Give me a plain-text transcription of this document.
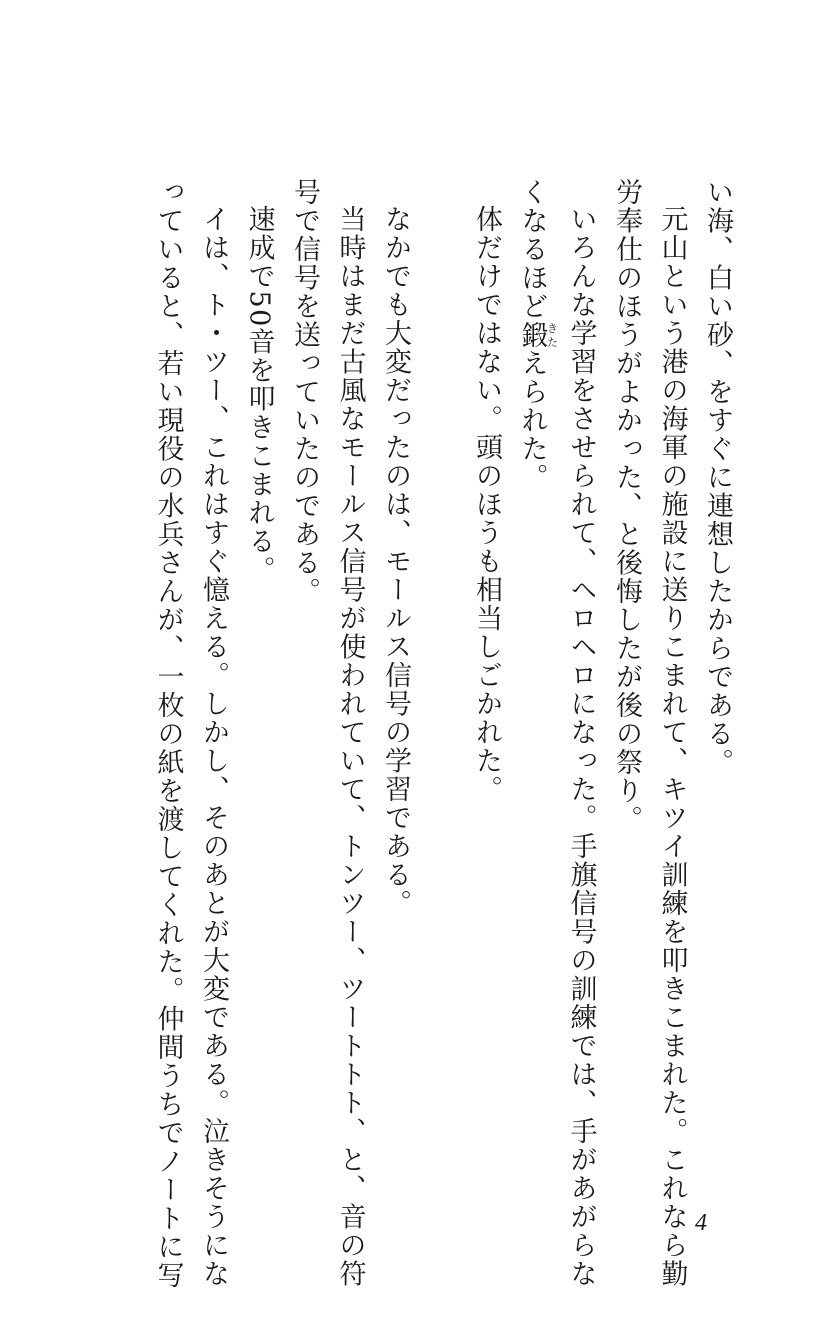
い海、白い砂、をすぐに連想したからである。
元山という港の海軍の施設に送りこまれて、キツイ訓練を叩きこまれた。これなら勤
労奉仕のほうがよかった、と後悔したが後の祭り。
いろんな学習をさせられて、ヘロヘロになった。手旗信号の訓練では、手があがらな
くなるほど鍛きたえられた。
体だけではない。頭のほうも相当しごかれた。
なかでも大変だったのは、モールス信号の学習である。
当時はまだ古風なモールス信号が使われていて、トンツー、ツートトト、と、音の符
号で信号を送っていたのである。
速成で50音を叩きこまれる。
イは、ト・ツー、これはすぐ憶える。しかし、そのあとが大変である。泣きそうにな
っていると、若い現役の水兵さんが、一枚の紙を渡してくれた。仲間うちでノートに写	4
